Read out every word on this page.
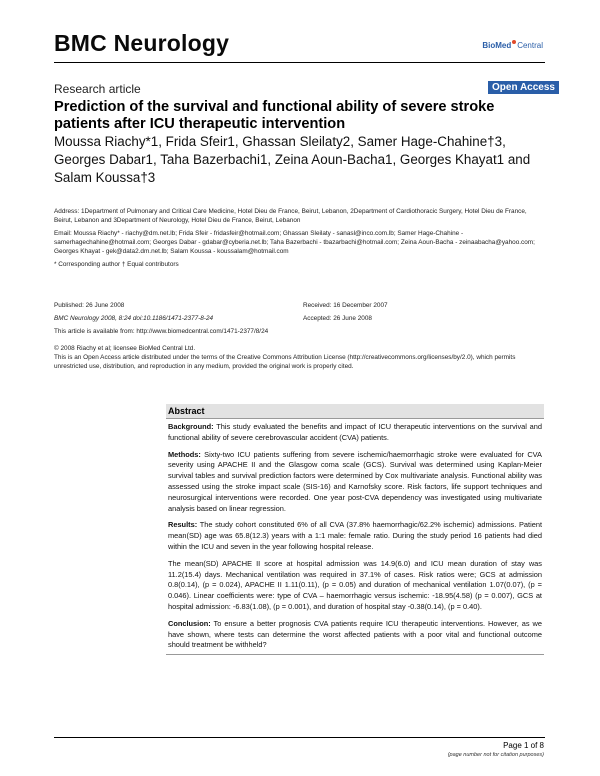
BMC Neurology	BioMed Central
Research article	Open Access
Prediction of the survival and functional ability of severe stroke patients after ICU therapeutic intervention
Moussa Riachy*1, Frida Sfeir1, Ghassan Sleilaty2, Samer Hage-Chahine†3, Georges Dabar1, Taha Bazerbachi1, Zeina Aoun-Bacha1, Georges Khayat1 and Salam Koussa†3
Address: 1Department of Pulmonary and Critical Care Medicine, Hotel Dieu de France, Beirut, Lebanon, 2Department of Cardiothoracic Surgery, Hotel Dieu de France, Beirut, Lebanon and 3Department of Neurology, Hotel Dieu de France, Beirut, Lebanon
Email: Moussa Riachy* - riachy@dm.net.lb; Frida Sfeir - fridasfeir@hotmail.com; Ghassan Sleilaty - sanasl@inco.com.lb; Samer Hage-Chahine - samerhagechahine@hotmail.com; Georges Dabar - gdabar@cyberia.net.lb; Taha Bazerbachi - tbazarbachi@hotmail.com; Zeina Aoun-Bacha - zeinaabacha@yahoo.com; Georges Khayat - gek@data2.dm.net.lb; Salam Koussa - koussalam@hotmail.com
* Corresponding author † Equal contributors
Published: 26 June 2008
BMC Neurology 2008, 8:24 doi:10.1186/1471-2377-8-24
Received: 16 December 2007
Accepted: 26 June 2008
This article is available from: http://www.biomedcentral.com/1471-2377/8/24
© 2008 Riachy et al; licensee BioMed Central Ltd.
This is an Open Access article distributed under the terms of the Creative Commons Attribution License (http://creativecommons.org/licenses/by/2.0), which permits unrestricted use, distribution, and reproduction in any medium, provided the original work is properly cited.
Abstract
Background: This study evaluated the benefits and impact of ICU therapeutic interventions on the survival and functional ability of severe cerebrovascular accident (CVA) patients.
Methods: Sixty-two ICU patients suffering from severe ischemic/haemorrhagic stroke were evaluated for CVA severity using APACHE II and the Glasgow coma scale (GCS). Survival was determined using Kaplan-Meier survival tables and survival prediction factors were determined by Cox multivariate analysis. Functional ability was assessed using the stroke impact scale (SIS-16) and Karnofsky score. Risk factors, life support techniques and neurosurgical interventions were recorded. One year post-CVA dependency was investigated using multivariate analysis based on linear regression.
Results: The study cohort constituted 6% of all CVA (37.8% haemorrhagic/62.2% ischemic) admissions. Patient mean(SD) age was 65.8(12.3) years with a 1:1 male: female ratio. During the study period 16 patients had died within the ICU and seven in the year following hospital release.
The mean(SD) APACHE II score at hospital admission was 14.9(6.0) and ICU mean duration of stay was 11.2(15.4) days. Mechanical ventilation was required in 37.1% of cases. Risk ratios were; GCS at admission 0.8(0.14), (p = 0.024), APACHE II 1.11(0.11), (p = 0.05) and duration of mechanical ventilation 1.07(0.07), (p = 0.046). Linear coefficients were: type of CVA – haemorrhagic versus ischemic: -18.95(4.58) (p = 0.007), GCS at hospital admission: -6.83(1.08), (p = 0.001), and duration of hospital stay -0.38(0.14), (p = 0.40).
Conclusion: To ensure a better prognosis CVA patients require ICU therapeutic interventions. However, as we have shown, where tests can determine the worst affected patients with a poor vital and functional outcome should treatment be withheld?
Page 1 of 8
(page number not for citation purposes)
